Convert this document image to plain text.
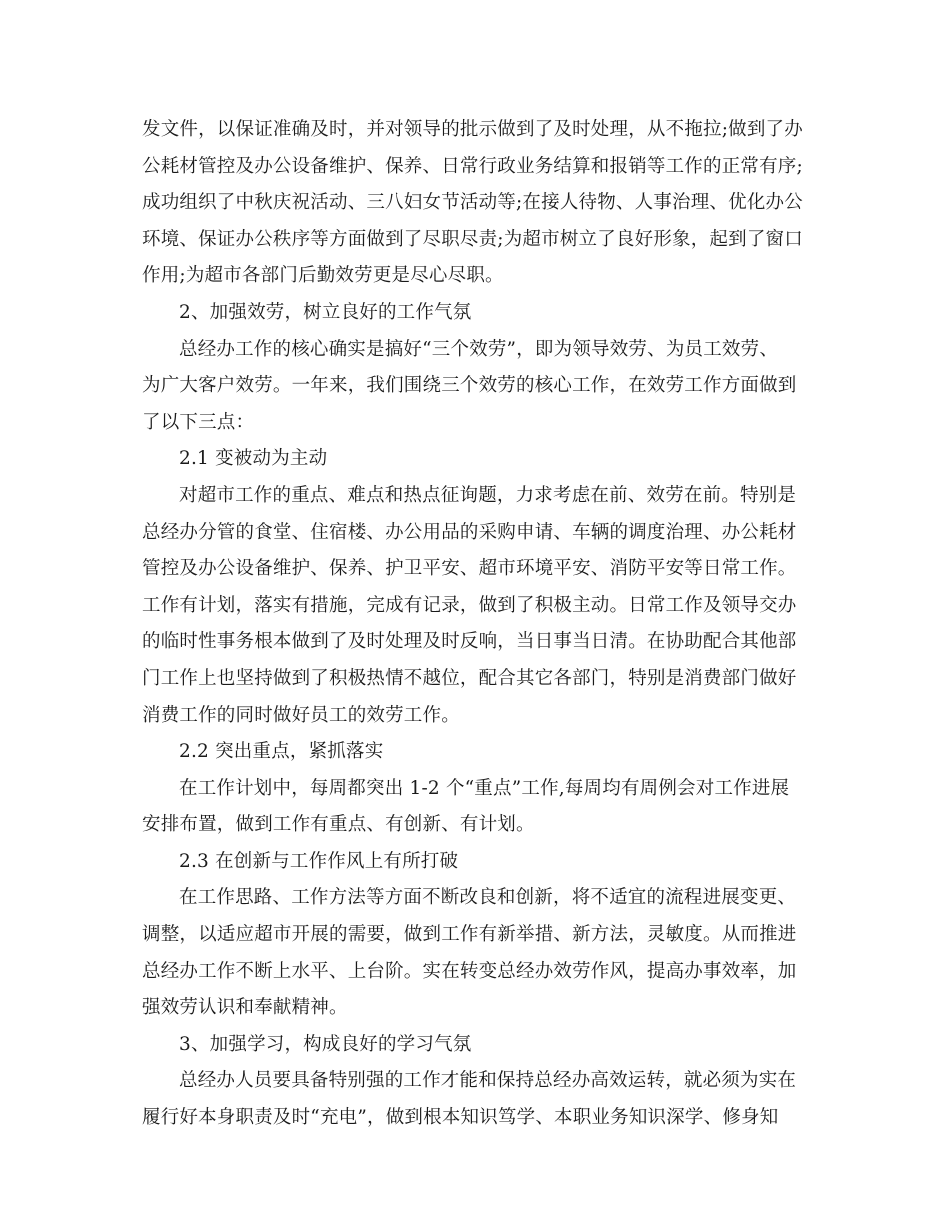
发文件，以保证准确及时，并对领导的批示做到了及时处理，从不拖拉;做到了办
公耗材管控及办公设备维护、保养、日常行政业务结算和报销等工作的正常有序;
成功组织了中秋庆祝活动、三八妇女节活动等;在接人待物、人事治理、优化办公
环境、保证办公秩序等方面做到了尽职尽责;为超市树立了良好形象，起到了窗口
作用;为超市各部门后勤效劳更是尽心尽职。
2、加强效劳，树立良好的工作气氛
总经办工作的核心确实是搞好“三个效劳”，即为领导效劳、为员工效劳、
为广大客户效劳。一年来，我们围绕三个效劳的核心工作，在效劳工作方面做到
了以下三点：
2.1 变被动为主动
对超市工作的重点、难点和热点征询题，力求考虑在前、效劳在前。特别是
总经办分管的食堂、住宿楼、办公用品的采购申请、车辆的调度治理、办公耗材
管控及办公设备维护、保养、护卫平安、超市环境平安、消防平安等日常工作。
工作有计划，落实有措施，完成有记录，做到了积极主动。日常工作及领导交办
的临时性事务根本做到了及时处理及时反响，当日事当日清。在协助配合其他部
门工作上也坚持做到了积极热情不越位，配合其它各部门，特别是消费部门做好
消费工作的同时做好员工的效劳工作。
2.2 突出重点，紧抓落实
在工作计划中，每周都突出 1-2 个“重点”工作,每周均有周例会对工作进展
安排布置，做到工作有重点、有创新、有计划。
2.3 在创新与工作作风上有所打破
在工作思路、工作方法等方面不断改良和创新，将不适宜的流程进展变更、
调整，以适应超市开展的需要，做到工作有新举措、新方法，灵敏度。从而推进
总经办工作不断上水平、上台阶。实在转变总经办效劳作风，提高办事效率，加
强效劳认识和奉献精神。
3、加强学习，构成良好的学习气氛
总经办人员要具备特别强的工作才能和保持总经办高效运转，就必须为实在
履行好本身职责及时“充电”，做到根本知识笃学、本职业务知识深学、修身知
